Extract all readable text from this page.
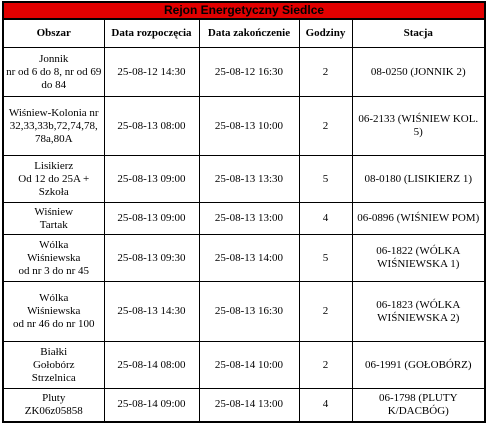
Rejon Energetyczny Siedlce				
Obszar	Data rozpoczęcia	Data zakończenie	Godziny	Stacja
Jonnik
nr od 6 do 8, nr od 69 do 84	25-08-12 14:30	25-08-12 16:30	2	08-0250 (JONNIK 2)
Wiśniew-Kolonia nr 32,33,33b,72,74,78, 78a,80A	25-08-13 08:00	25-08-13 10:00	2	06-2133 (WIŚNIEW KOL. 5)
Lisikierz
Od 12 do 25A + Szkoła	25-08-13 09:00	25-08-13 13:30	5	08-0180 (LISIKIERZ 1)
Wiśniew
Tartak	25-08-13 09:00	25-08-13 13:00	4	06-0896 (WIŚNIEW POM)
Wólka
Wiśniewska
od nr 3 do nr 45	25-08-13 09:30	25-08-13 14:00	5	06-1822 (WÓLKA WIŚNIEWSKA 1)
Wólka
Wiśniewska
od nr 46 do nr 100	25-08-13 14:30	25-08-13 16:30	2	06-1823 (WÓLKA WIŚNIEWSKA 2)
Białki
Gołobórz
Strzelnica	25-08-14 08:00	25-08-14 10:00	2	06-1991 (GOŁOBÓRZ)
Pluty
ZK06z05858	25-08-14 09:00	25-08-14 13:00	4	06-1798 (PLUTY K/DACBÓG)
